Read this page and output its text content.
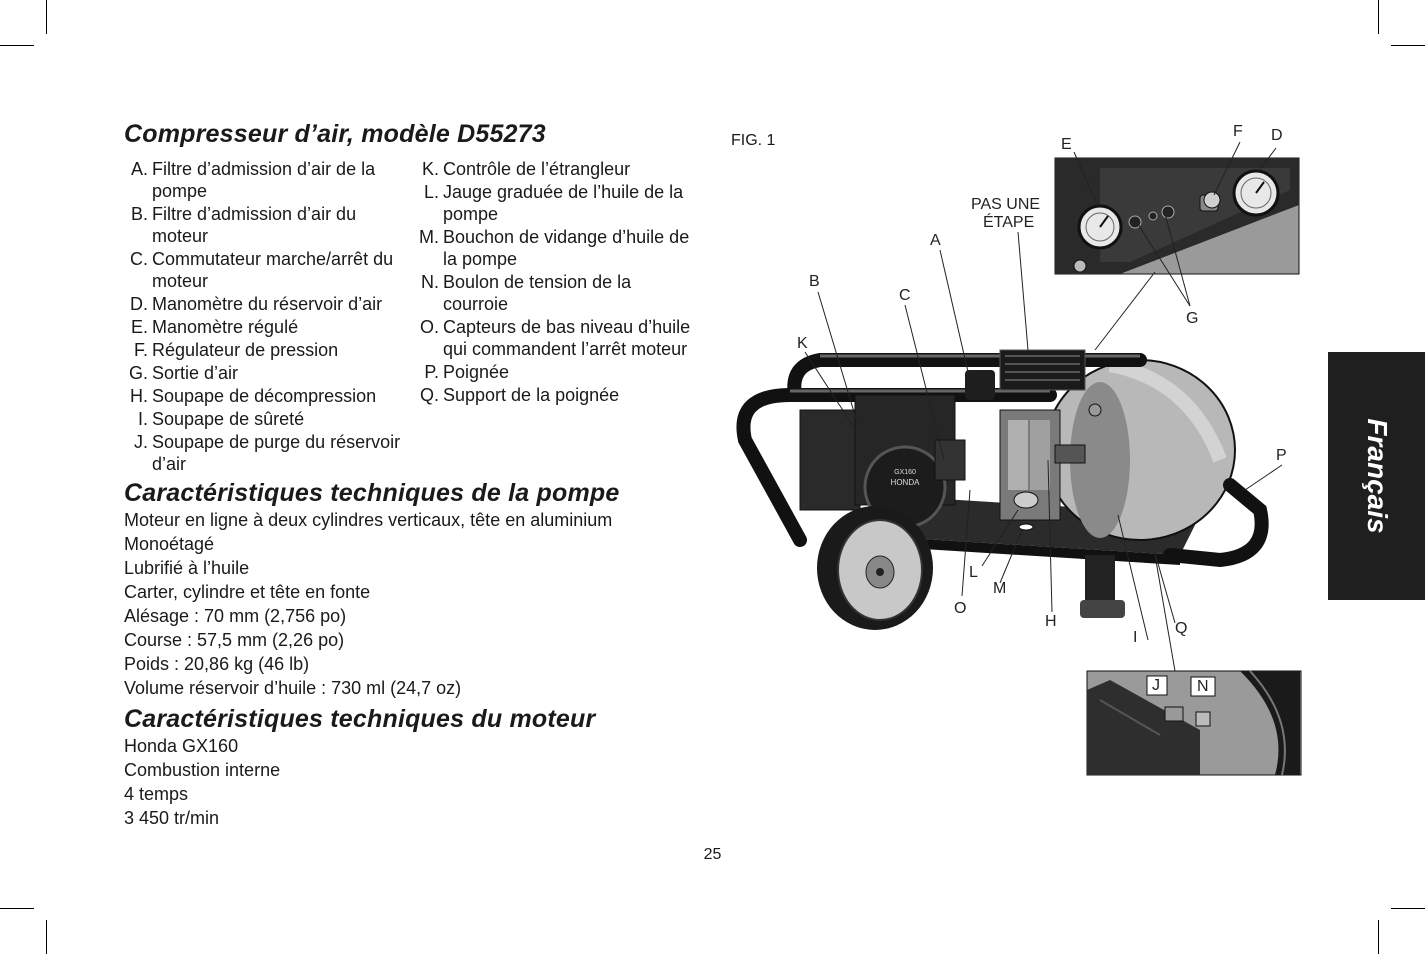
Compresseur d’air, modèle D55273
A. Filtre d’admission d’air de la pompe
B. Filtre d’admission d’air du moteur
C. Commutateur marche/arrêt du moteur
D. Manomètre du réservoir d’air
E. Manomètre régulé
F. Régulateur de pression
G. Sortie d’air
H. Soupape de décompression
I. Soupape de sûreté
J. Soupape de purge du réservoir d’air
K. Contrôle de l’étrangleur
L. Jauge graduée de l’huile de la pompe
M. Bouchon de vidange d’huile de la pompe
N. Boulon de tension de la courroie
O. Capteurs de bas niveau d’huile qui commandent l’arrêt moteur
P. Poignée
Q. Support de la poignée
Caractéristiques techniques de la pompe
Moteur en ligne à deux cylindres verticaux, tête en aluminium
Monoétagé
Lubrifié à l’huile
Carter, cylindre et tête en fonte
Alésage : 70 mm (2,756 po)
Course : 57,5 mm (2,26 po)
Poids : 20,86 kg (46 lb)
Volume réservoir d’huile : 730 ml (24,7 oz)
Caractéristiques techniques du moteur
Honda GX160
Combustion interne
4 temps
3 450 tr/min
FIG. 1
HONDA
GX160
PAS UNE
ÉTAPE
A
B
C
D
E
F
G
H
I
J
K
L
M
N
O
P
Q
Français
25
